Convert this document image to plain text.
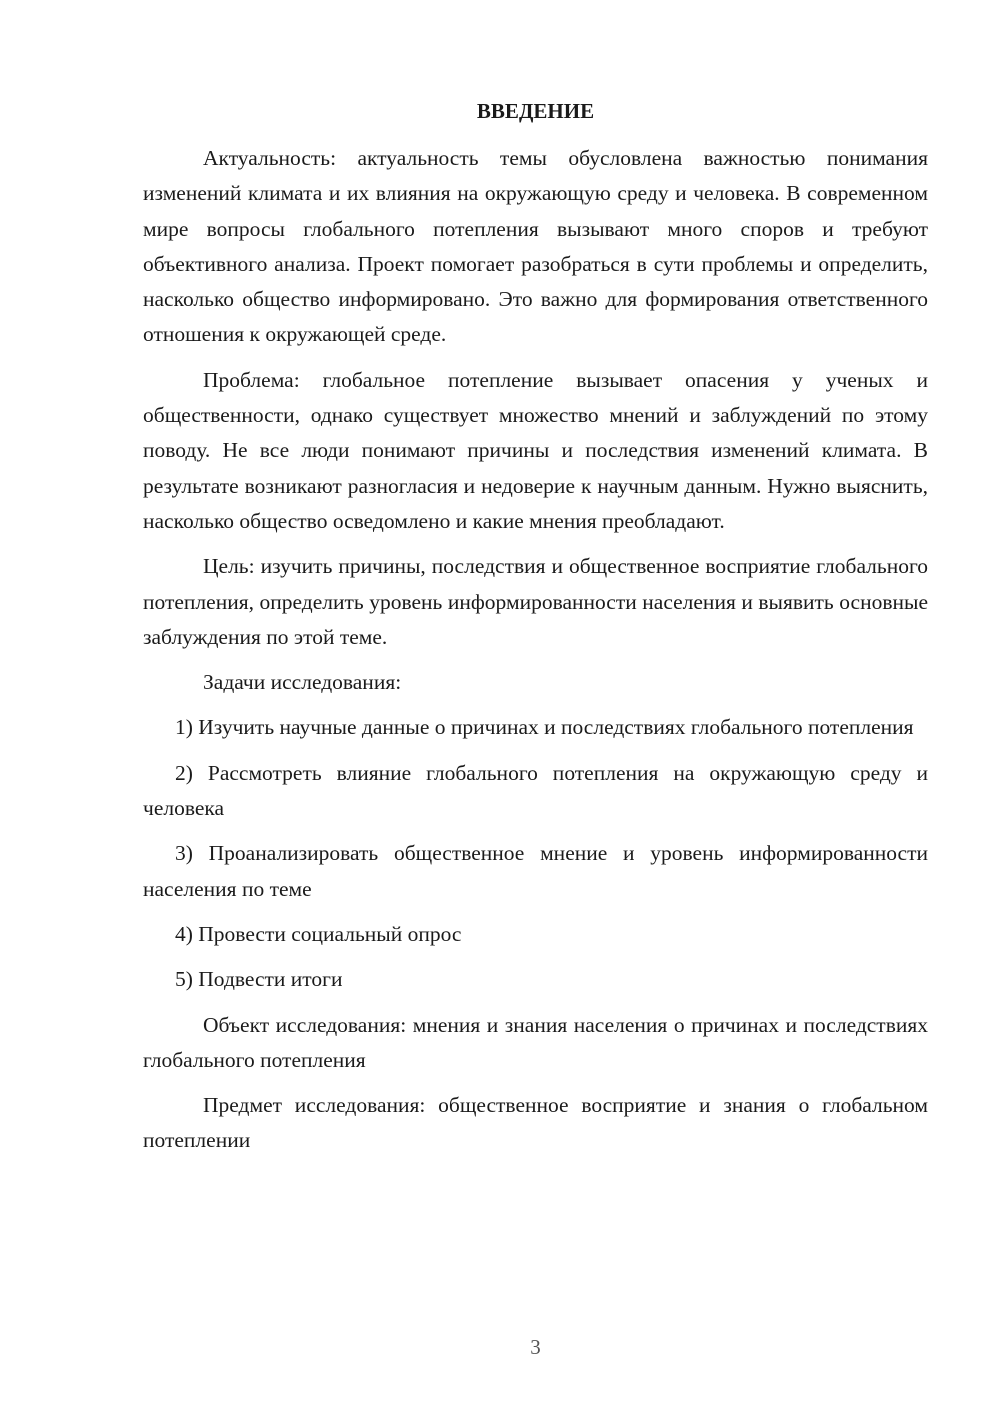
ВВЕДЕНИЕ

Актуальность: актуальность темы обусловлена важностью понимания изменений климата и их влияния на окружающую среду и человека. В современном мире вопросы глобального потепления вызывают много споров и требуют объективного анализа. Проект помогает разобраться в сути проблемы и определить, насколько общество информировано. Это важно для формирования ответственного отношения к окружающей среде.

Проблема: глобальное потепление вызывает опасения у ученых и общественности, однако существует множество мнений и заблуждений по этому поводу. Не все люди понимают причины и последствия изменений климата. В результате возникают разногласия и недоверие к научным данным. Нужно выяснить, насколько общество осведомлено и какие мнения преобладают.

Цель: изучить причины, последствия и общественное восприятие глобального потепления, определить уровень информированности населения и выявить основные заблуждения по этой теме.

Задачи исследования:

1) Изучить научные данные о причинах и последствиях глобального потепления

2) Рассмотреть влияние глобального потепления на окружающую среду и человека

3) Проанализировать общественное мнение и уровень информированности населения по теме

4) Провести социальный опрос

5) Подвести итоги

Объект исследования: мнения и знания населения о причинах и последствиях глобального потепления

Предмет исследования: общественное восприятие и знания о глобальном потеплении

3
